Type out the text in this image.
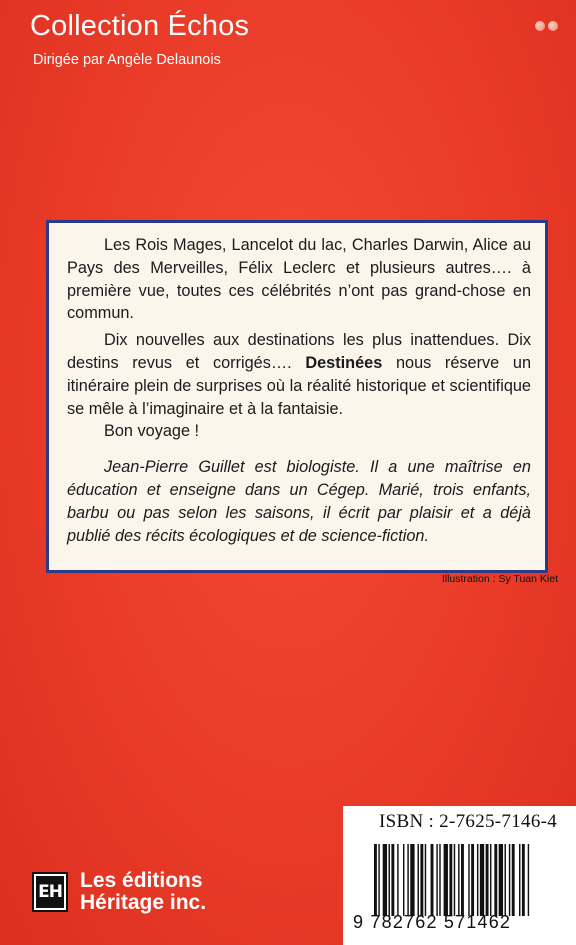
Collection Échos

Dirigée par Angèle Delaunois

Les Rois Mages, Lancelot du lac, Charles Darwin, Alice au Pays des Merveilles, Félix Leclerc et plusieurs autres…. à première vue, toutes ces célébrités n’ont pas grand-chose en commun.

Dix nouvelles aux destinations les plus inattendues. Dix destins revus et corrigés…. Destinées nous réserve un itinéraire plein de surprises où la réalité historique et scientifique se mêle à l’imaginaire et à la fantaisie.

Bon voyage !

Jean-Pierre Guillet est biologiste. Il a une maîtrise en éducation et enseigne dans un Cégep. Marié, trois enfants, barbu ou pas selon les saisons, il écrit par plaisir et a déjà publié des récits écologiques et de science-fiction.

Illustration : Sy Tuan Kiet
ISBN : 2-7625-7146-4
9 782762 571462
EH Les éditions
Héritage inc.
